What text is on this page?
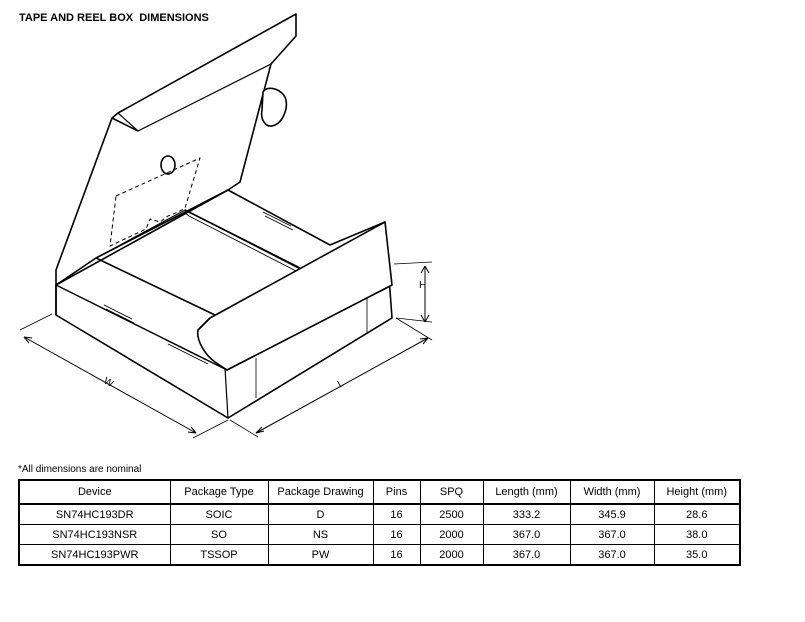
TAPE AND REEL BOX  DIMENSIONS
W	L
H
*All dimensions are nominal
Device	Package Type	Package Drawing	Pins	SPQ	Length (mm)	Width (mm)	Height (mm)
SN74HC193DR	SOIC	D	16	2500	333.2	345.9	28.6
SN74HC193NSR	SO	NS	16	2000	367.0	367.0	38.0
SN74HC193PWR	TSSOP	PW	16	2000	367.0	367.0	35.0
